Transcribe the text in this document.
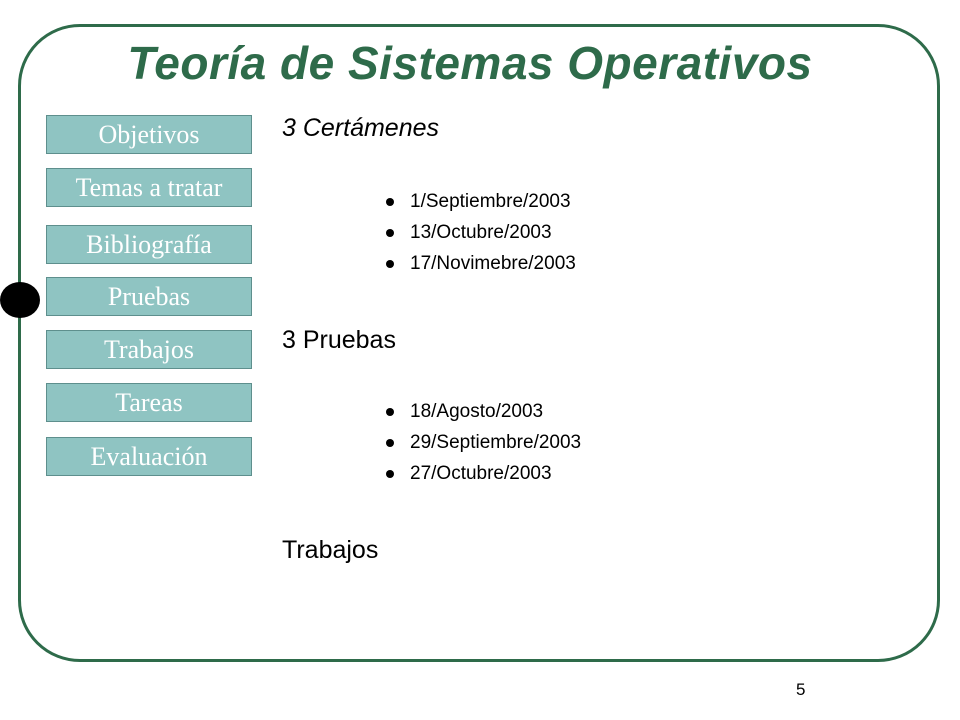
Teoría de Sistemas Operativos
Objetivos
Temas a tratar
Bibliografía
Pruebas
Trabajos
Tareas
Evaluación
3 Certámenes
1/Septiembre/2003
13/Octubre/2003
17/Novimebre/2003
3 Pruebas
18/Agosto/2003
29/Septiembre/2003
27/Octubre/2003
Trabajos
5
